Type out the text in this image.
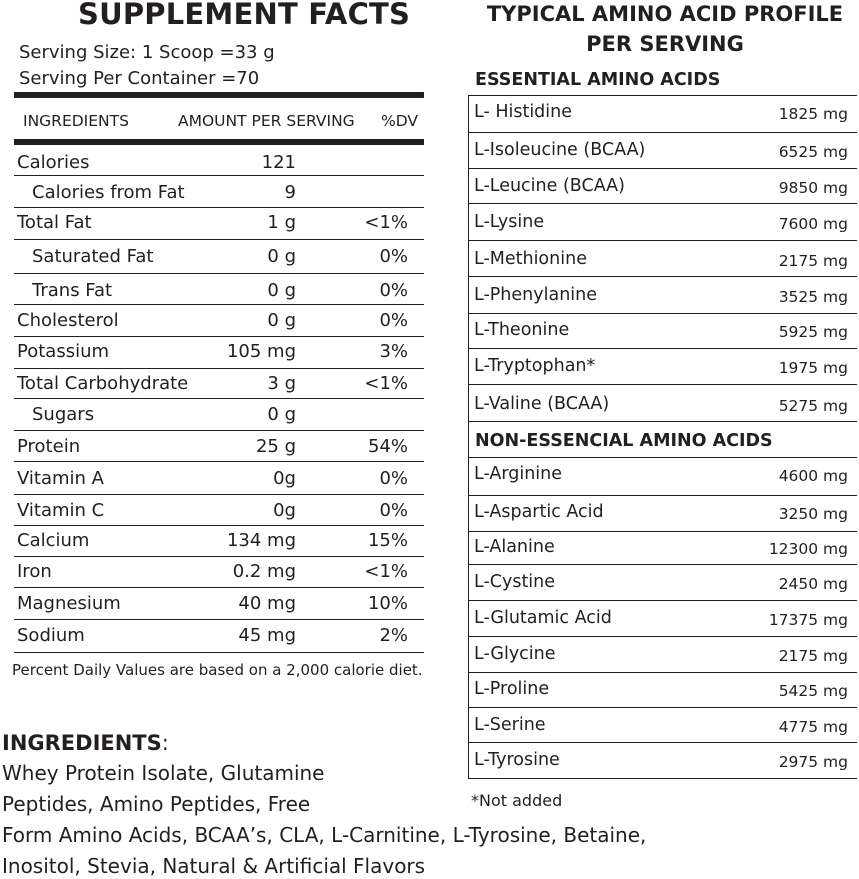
SUPPLEMENT FACTS
Serving Size: 1 Scoop =33 g
Serving Per Container =70
INGREDIENTS	AMOUNT PER SERVING %DV
Calories	121
Calories from Fat	9
Total Fat	1 g	<1%
Saturated Fat	0 g	0%
Trans Fat	0 g	0%
Cholesterol	0 g	0%
Potassium	105 mg	3%
Total Carbohydrate	3 g	<1%
Sugars	0 g
Protein	25 g	54%
Vitamin A	0g	0%
Vitamin C	0g	0%
Calcium	134 mg	15%
Iron	0.2 mg	<1%
Magnesium	40 mg	10%
Sodium	45 mg	2%
Percent Daily Values are based on a 2,000 calorie diet.
INGREDIENTS:
Whey Protein Isolate, Glutamine
Peptides, Amino Peptides, Free
Form Amino Acids, BCAA’s, CLA, L-Carnitine, L-Tyrosine, Betaine,
Inositol, Stevia, Natural & Artificial Flavors
TYPICAL AMINO ACID PROFILE
PER SERVING
ESSENTIAL AMINO ACIDS
NON-ESSENCIAL AMINO ACIDS
L- Histidine	1825 mg
L-Isoleucine (BCAA)	6525 mg
L-Leucine (BCAA)	9850 mg
L-Lysine	7600 mg
L-Methionine	2175 mg
L-Phenylanine	3525 mg
L-Theonine	5925 mg
L-Tryptophan*	1975 mg
L-Valine (BCAA)	5275 mg
L-Arginine	4600 mg
L-Aspartic Acid	3250 mg
L-Alanine	12300 mg
L-Cystine	2450 mg
L-Glutamic Acid	17375 mg
L-Glycine	2175 mg
L-Proline	5425 mg
L-Serine	4775 mg
L-Tyrosine	2975 mg
*Not added
